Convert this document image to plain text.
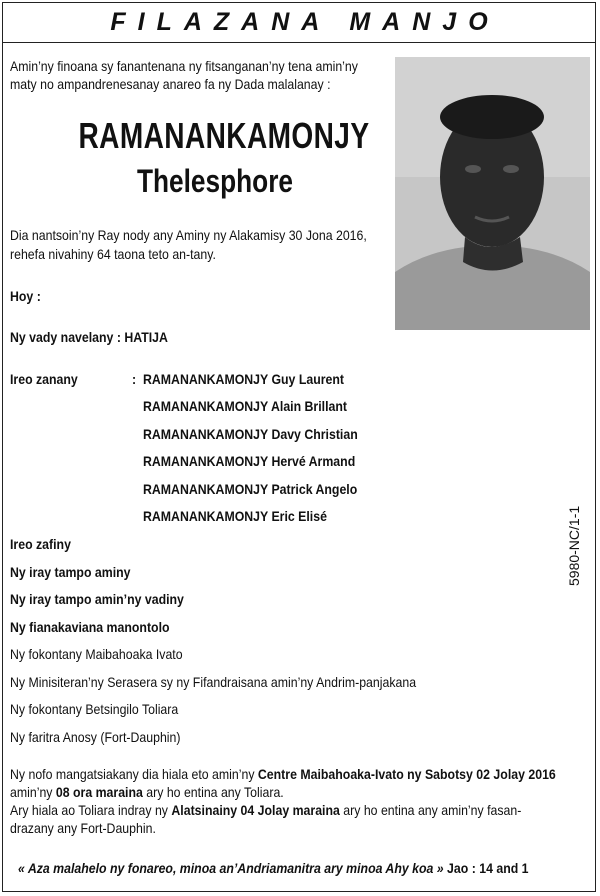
FILAZANA MANJO
Amin’ny finoana sy fanantenana ny fitsanganan’ny tena amin’ny
maty no ampandrenesanay anareo fa ny Dada malalanay :
RAMANANKAMONJY
Thelesphore
Dia nantsoin’ny Ray nody any Aminy ny Alakamisy 30 Jona 2016,
rehefa nivahiny 64 taona teto an-tany.
Hoy :
Ny vady navelany : HATIJA
Ireo zanany	: RAMANANKAMONJY Guy Laurent
RAMANANKAMONJY Alain Brillant
RAMANANKAMONJY Davy Christian
RAMANANKAMONJY Hervé Armand
RAMANANKAMONJY Patrick Angelo
RAMANANKAMONJY Eric Elisé
Ireo zafiny
Ny iray tampo aminy
Ny iray tampo amin’ny vadiny
Ny fianakaviana manontolo
Ny fokontany Maibahoaka Ivato
Ny Minisiteran’ny Serasera sy ny Fifandraisana amin’ny Andrim-panjakana
Ny fokontany Betsingilo Toliara
Ny faritra Anosy (Fort-Dauphin)
Ny nofo mangatsiakany dia hiala eto amin’ny Centre Maibahoaka-Ivato ny Sabotsy 02 Jolay 2016
amin’ny 08 ora maraina ary ho entina any Toliara.
Ary hiala ao Toliara indray ny Alatsinainy 04 Jolay maraina ary ho entina any amin’ny fasan-
drazany any Fort-Dauphin.
« Aza malahelo ny fonareo, minoa an’Andriamanitra ary minoa Ahy koa » Jao : 14 and 1
5980-NC/1-1
